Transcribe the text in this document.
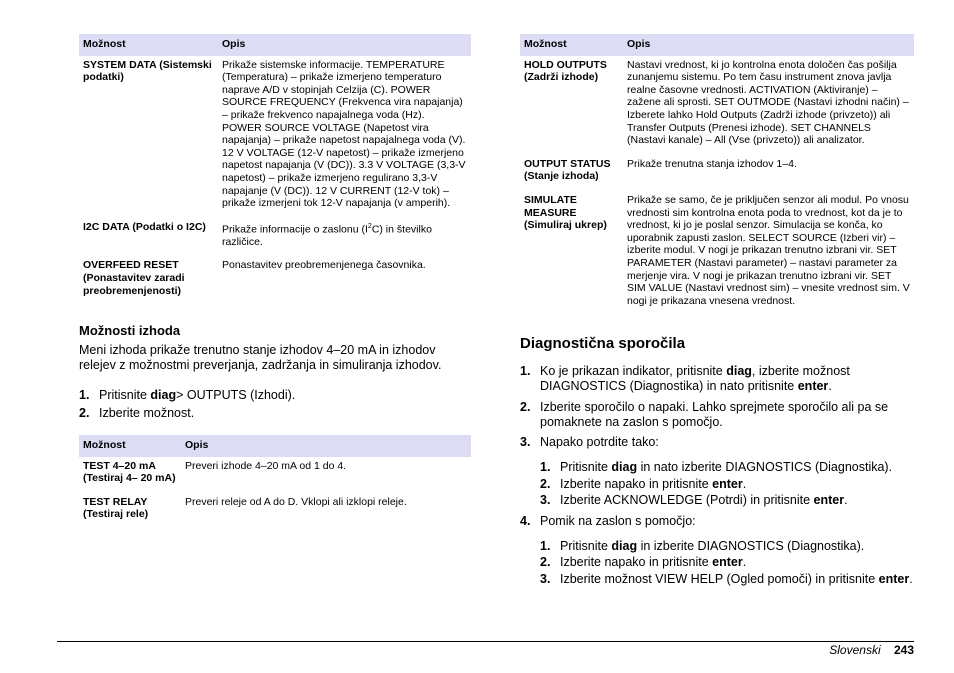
Možnost	Opis
SYSTEM DATA (Sistemski podatki)	Prikaže sistemske informacije. TEMPERATURE (Temperatura) – prikaže izmerjeno temperaturo naprave A/D v stopinjah Celzija (C). POWER SOURCE FREQUENCY (Frekvenca vira napajanja) – prikaže frekvenco napajalnega voda (Hz). POWER SOURCE VOLTAGE (Napetost vira napajanja) – prikaže napetost napajalnega voda (V). 12 V VOLTAGE (12-V napetost) – prikaže izmerjeno napetost napajanja (V (DC)). 3.3 V VOLTAGE (3,3-V napetost) – prikaže izmerjeno regulirano 3,3-V napajanje (V (DC)). 12 V CURRENT (12-V tok) – prikaže izmerjeni tok 12-V napajanja (v amperih).
I2C DATA (Podatki o I2C)	Prikaže informacije o zaslonu $(I^2C)$ in številko različice.
OVERFEED RESET (Ponastavitev zaradi preobremenjenosti)	Ponastavitev preobremenjenega časovnika.
Možnosti izhoda

Meni izhoda prikaže trenutno stanje izhodov 4–20 mA in izhodov relejev z možnostmi preverjanja, zadržanja in simuliranja izhodov.

1. Pritisnite diag> OUTPUTS (Izhodi).
2. Izberite možnost.
Možnost	Opis
TEST 4–20 mA (Testiraj 4– 20 mA)	Preveri izhode 4–20 mA od 1 do 4.
TEST RELAY (Testiraj rele)	Preveri releje od A do D. Vklopi ali izklopi releje.
Možnost	Opis
HOLD OUTPUTS (Zadrži izhode)	Nastavi vrednost, ki jo kontrolna enota določen čas pošilja zunanjemu sistemu. Po tem času instrument znova javlja realne časovne vrednosti. ACTIVATION (Aktiviranje) – zažene ali sprosti. SET OUTMODE (Nastavi izhodni način) – Izberete lahko Hold Outputs (Zadrži izhode (privzeto)) ali Transfer Outputs (Prenesi izhode). SET CHANNELS (Nastavi kanale) – All (Vse (privzeto)) ali analizator.
OUTPUT STATUS (Stanje izhoda)	Prikaže trenutna stanja izhodov 1–4.
SIMULATE MEASURE (Simuliraj ukrep)	Prikaže se samo, če je priključen senzor ali modul. Po vnosu vrednosti sim kontrolna enota poda to vrednost, kot da je to vrednost, ki jo je poslal senzor. Simulacija se konča, ko uporabnik zapusti zaslon. SELECT SOURCE (Izberi vir) – izberite modul. V nogi je prikazan trenutno izbrani vir. SET PARAMETER (Nastavi parameter) – nastavi parameter za merjenje vira. V nogi je prikazan trenutno izbrani vir. SET SIM VALUE (Nastavi vrednost sim) – vnesite vrednost sim. V nogi je prikazana vnesena vrednost.
Diagnostična sporočila
1. Ko je prikazan indikator, pritisnite diag, izberite možnost DIAGNOSTICS (Diagnostika) in nato pritisnite enter.
2. Izberite sporočilo o napaki. Lahko sprejmete sporočilo ali pa se pomaknete na zaslon s pomočjo.
3. Napako potrdite tako:
1. Pritisnite diag in nato izberite DIAGNOSTICS (Diagnostika).
2. Izberite napako in pritisnite enter.
3. Izberite ACKNOWLEDGE (Potrdi) in pritisnite enter.
4. Pomik na zaslon s pomočjo:
1. Pritisnite diag in izberite DIAGNOSTICS (Diagnostika).
2. Izberite napako in pritisnite enter.
3. Izberite možnost VIEW HELP (Ogled pomoči) in pritisnite enter.
Slovenski 243
